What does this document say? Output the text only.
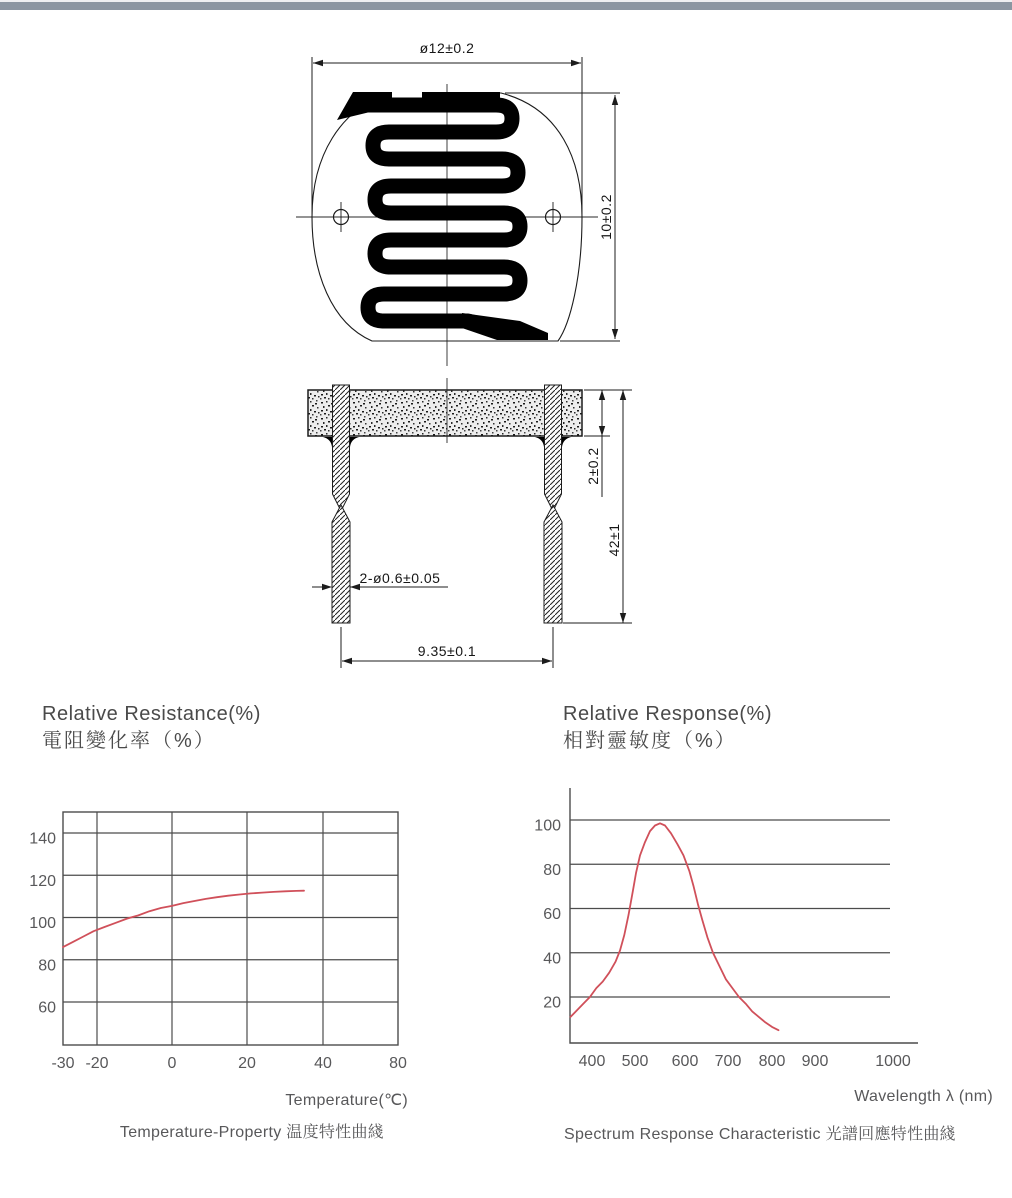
ø12±0.2
10±0.2
2±0.2
42±1
2-ø0.6±0.05
9.35±0.1
Relative Resistance(%)
電阻變化率（%）
Relative Response(%)
相對靈敏度（%）
140
120
100
80
60
-30 -20	0	20	40	80
100
80
60
40
20
400 500 600 700 800 900	1000
Temperature(℃)	Wavelength λ (nm)
Temperature-Property 温度特性曲綫	Spectrum Response Characteristic 光譜回應特性曲綫
